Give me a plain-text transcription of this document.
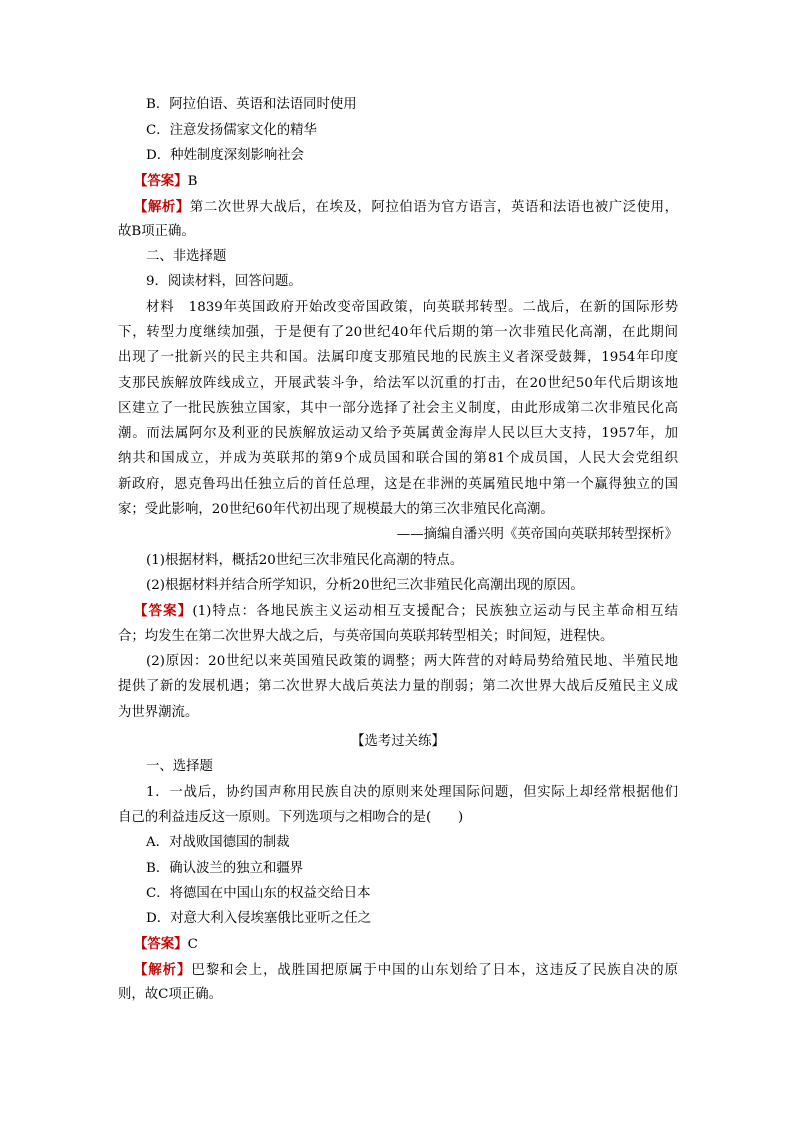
B．阿拉伯语、英语和法语同时使用
C．注意发扬儒家文化的精华
D．种姓制度深刻影响社会
【答案】B
【解析】第二次世界大战后，在埃及，阿拉伯语为官方语言，英语和法语也被广泛使用，
故B项正确。
二、非选择题
9．阅读材料，回答问题。
材料　1839年英国政府开始改变帝国政策，向英联邦转型。二战后，在新的国际形势
下，转型力度继续加强，于是便有了20世纪40年代后期的第一次非殖民化高潮，在此期间
出现了一批新兴的民主共和国。法属印度支那殖民地的民族主义者深受鼓舞，1954年印度
支那民族解放阵线成立，开展武装斗争，给法军以沉重的打击，在20世纪50年代后期该地
区建立了一批民族独立国家，其中一部分选择了社会主义制度，由此形成第二次非殖民化高
潮。而法属阿尔及利亚的民族解放运动又给予英属黄金海岸人民以巨大支持，1957年，加
纳共和国成立，并成为英联邦的第9个成员国和联合国的第81个成员国，人民大会党组织
新政府，恩克鲁玛出任独立后的首任总理，这是在非洲的英属殖民地中第一个赢得独立的国
家；受此影响，20世纪60年代初出现了规模最大的第三次非殖民化高潮。
——摘编自潘兴明《英帝国向英联邦转型探析》
(1)根据材料，概括20世纪三次非殖民化高潮的特点。
(2)根据材料并结合所学知识，分析20世纪三次非殖民化高潮出现的原因。
【答案】(1)特点：各地民族主义运动相互支援配合；民族独立运动与民主革命相互结
合；均发生在第二次世界大战之后，与英帝国向英联邦转型相关；时间短，进程快。
(2)原因：20世纪以来英国殖民政策的调整；两大阵营的对峙局势给殖民地、半殖民地
提供了新的发展机遇；第二次世界大战后英法力量的削弱；第二次世界大战后反殖民主义成
为世界潮流。
【选考过关练】
一、选择题
1．一战后，协约国声称用民族自决的原则来处理国际问题，但实际上却经常根据他们
自己的利益违反这一原则。下列选项与之相吻合的是(　　)
A．对战败国德国的制裁
B．确认波兰的独立和疆界
C．将德国在中国山东的权益交给日本
D．对意大利入侵埃塞俄比亚听之任之
【答案】C
【解析】巴黎和会上，战胜国把原属于中国的山东划给了日本，这违反了民族自决的原
则，故C项正确。
